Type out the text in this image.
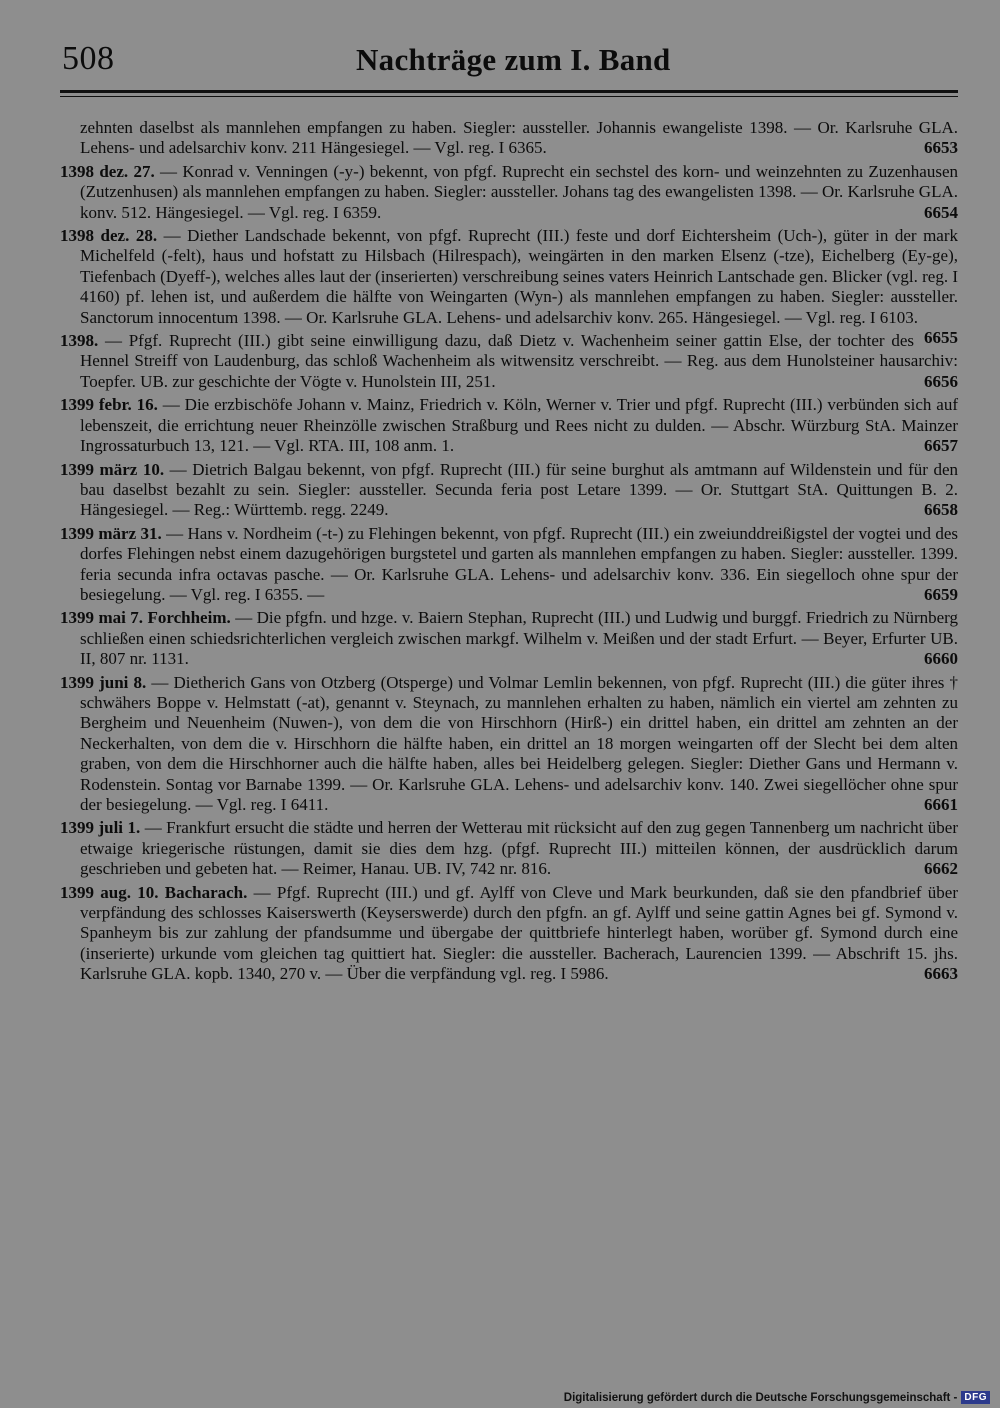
508	Nachträge zum I. Band

zehnten daselbst als mannlehen empfangen zu haben. Siegler: aussteller. Johannis ewangeliste 1398. — Or. Karlsruhe GLA. Lehens- und adelsarchiv konv. 211 Hängesiegel. — Vgl. reg. I 6365.	6653

1398 dez. 27. — Konrad v. Venningen (-y-) bekennt, von pfgf. Ruprecht ein sechstel des korn- und weinzehnten zu Zuzenhausen (Zutzenhusen) als mannlehen empfangen zu haben. Siegler: aussteller. Johans tag des ewangelisten 1398. — Or. Karlsruhe GLA. konv. 512. Hängesiegel. — Vgl. reg. I 6359.	6654

1398 dez. 28. — Diether Landschade bekennt, von pfgf. Ruprecht (III.) feste und dorf Eichtersheim (Uch-), güter in der mark Michelfeld (-felt), haus und hofstatt zu Hilsbach (Hilrespach), weingärten in den marken Elsenz (-tze), Eichelberg (Ey-ge), Tiefenbach (Dyeff-), welches alles laut der (inserierten) verschreibung seines vaters Heinrich Lantschade gen. Blicker (vgl. reg. I 4160) pf. lehen ist, und außerdem die hälfte von Weingarten (Wyn-) als mannlehen empfangen zu haben. Siegler: aussteller. Sanctorum innocentum 1398. — Or. Karlsruhe GLA. Lehens- und adelsarchiv konv. 265. Hängesiegel. — Vgl. reg. I 6103.
6655

1398. — Pfgf. Ruprecht (III.) gibt seine einwilligung dazu, daß Dietz v. Wachenheim seiner gattin Else, der tochter des Hennel Streiff von Laudenburg, das schloß Wachenheim als witwensitz verschreibt. — Reg. aus dem Hunolsteiner hausarchiv: Toepfer. UB. zur geschichte der Vögte v. Hunolstein III, 251.	6656

1399 febr. 16. — Die erzbischöfe Johann v. Mainz, Friedrich v. Köln, Werner v. Trier und pfgf. Ruprecht (III.) verbünden sich auf lebenszeit, die errichtung neuer Rheinzölle zwischen Straßburg und Rees nicht zu dulden. — Abschr. Würzburg StA. Mainzer Ingrossaturbuch 13, 121. — Vgl. RTA. III, 108 anm. 1.	6657

1399 märz 10. — Dietrich Balgau bekennt, von pfgf. Ruprecht (III.) für seine burghut als amtmann auf Wildenstein und für den bau daselbst bezahlt zu sein. Siegler: aussteller. Secunda feria post Letare 1399. — Or. Stuttgart StA. Quittungen B. 2. Hängesiegel. — Reg.: Württemb. regg. 2249.	6658

1399 märz 31. — Hans v. Nordheim (-t-) zu Flehingen bekennt, von pfgf. Ruprecht (III.) ein zweiunddreißigstel der vogtei und des dorfes Flehingen nebst einem dazugehörigen burgstetel und garten als mannlehen empfangen zu haben. Siegler: aussteller. 1399. feria secunda infra octavas pasche. — Or. Karlsruhe GLA. Lehens- und adelsarchiv konv. 336. Ein siegelloch ohne spur der besiegelung. — Vgl. reg. I 6355. —	6659

1399 mai 7. Forchheim. — Die pfgfn. und hzge. v. Baiern Stephan, Ruprecht (III.) und Ludwig und burggf. Friedrich zu Nürnberg schließen einen schiedsrichterlichen vergleich zwischen markgf. Wilhelm v. Meißen und der stadt Erfurt. — Beyer, Erfurter UB. II, 807 nr. 1131.	6660

1399 juni 8. — Dietherich Gans von Otzberg (Otsperge) und Volmar Lemlin bekennen, von pfgf. Ruprecht (III.) die güter ihres † schwähers Boppe v. Helmstatt (-at), genannt v. Steynach, zu mannlehen erhalten zu haben, nämlich ein viertel am zehnten zu Bergheim und Neuenheim (Nuwen-), von dem die von Hirschhorn (Hirß-) ein drittel haben, ein drittel am zehnten an der Neckerhalten, von dem die v. Hirschhorn die hälfte haben, ein drittel an 18 morgen weingarten off der Slecht bei dem alten graben, von dem die Hirschhorner auch die hälfte haben, alles bei Heidelberg gelegen. Siegler: Diether Gans und Hermann v. Rodenstein. Sontag vor Barnabe 1399. — Or. Karlsruhe GLA. Lehens- und adelsarchiv konv. 140. Zwei siegellöcher ohne spur der besiegelung. — Vgl. reg. I 6411.	6661

1399 juli 1. — Frankfurt ersucht die städte und herren der Wetterau mit rücksicht auf den zug gegen Tannenberg um nachricht über etwaige kriegerische rüstungen, damit sie dies dem hzg. (pfgf. Ruprecht III.) mitteilen können, der ausdrücklich darum geschrieben und gebeten hat. — Reimer, Hanau. UB. IV, 742 nr. 816.	6662

1399 aug. 10. Bacharach. — Pfgf. Ruprecht (III.) und gf. Aylff von Cleve und Mark beurkunden, daß sie den pfandbrief über verpfändung des schlosses Kaiserswerth (Keyserswerde) durch den pfgfn. an gf. Aylff und seine gattin Agnes bei gf. Symond v. Spanheym bis zur zahlung der pfandsumme und übergabe der quittbriefe hinterlegt haben, worüber gf. Symond durch eine (inserierte) urkunde vom gleichen tag quittiert hat. Siegler: die aussteller. Bacherach, Laurencien 1399. — Abschrift 15. jhs. Karlsruhe GLA. kopb. 1340, 270 v. — Über die verpfändung vgl. reg. I 5986.	6663

Digitalisierung gefördert durch die Deutsche Forschungsgemeinschaft - DFG
